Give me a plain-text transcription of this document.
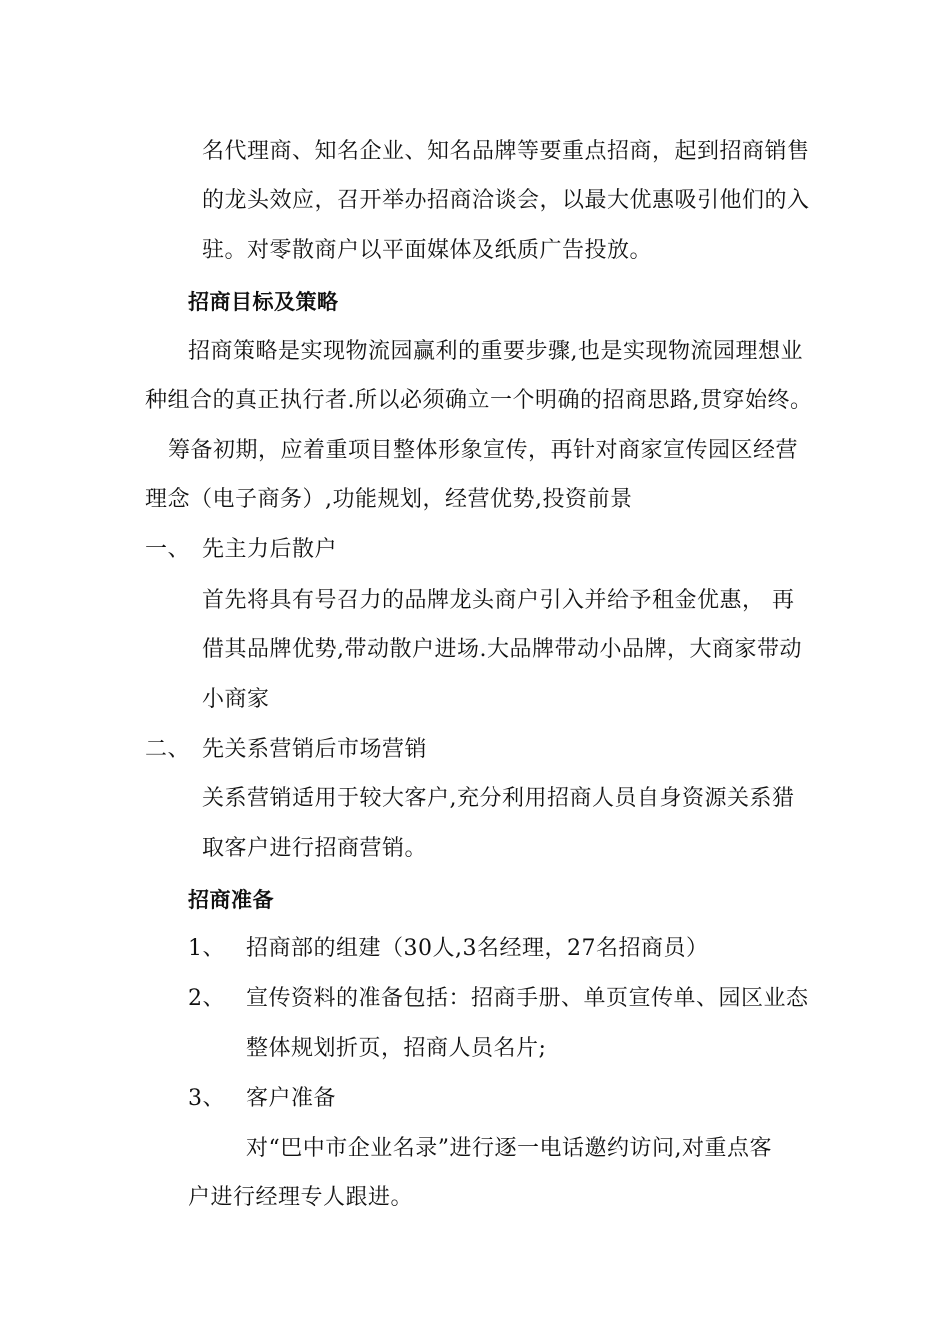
名代理商、知名企业、知名品牌等要重点招商，起到招商销售
的龙头效应，召开举办招商洽谈会，以最大优惠吸引他们的入
驻。对零散商户以平面媒体及纸质广告投放。
招商目标及策略
招商策略是实现物流园赢利的重要步骤,也是实现物流园理想业
种组合的真正执行者.所以必须确立一个明确的招商思路,贯穿始终。
筹备初期，应着重项目整体形象宣传，再针对商家宣传园区经营
理念（电子商务）,功能规划，经营优势,投资前景
一、 先主力后散户
首先将具有号召力的品牌龙头商户引入并给予租金优惠， 再
借其品牌优势,带动散户进场.大品牌带动小品牌，大商家带动
小商家
二、 先关系营销后市场营销
关系营销适用于较大客户,充分利用招商人员自身资源关系猎
取客户进行招商营销。
招商准备
1、 招商部的组建（30人,3名经理，27名招商员）
2、 宣传资料的准备包括：招商手册、单页宣传单、园区业态
整体规划折页，招商人员名片;
3、 客户准备
对“巴中市企业名录”进行逐一电话邀约访问,对重点客
户进行经理专人跟进。
